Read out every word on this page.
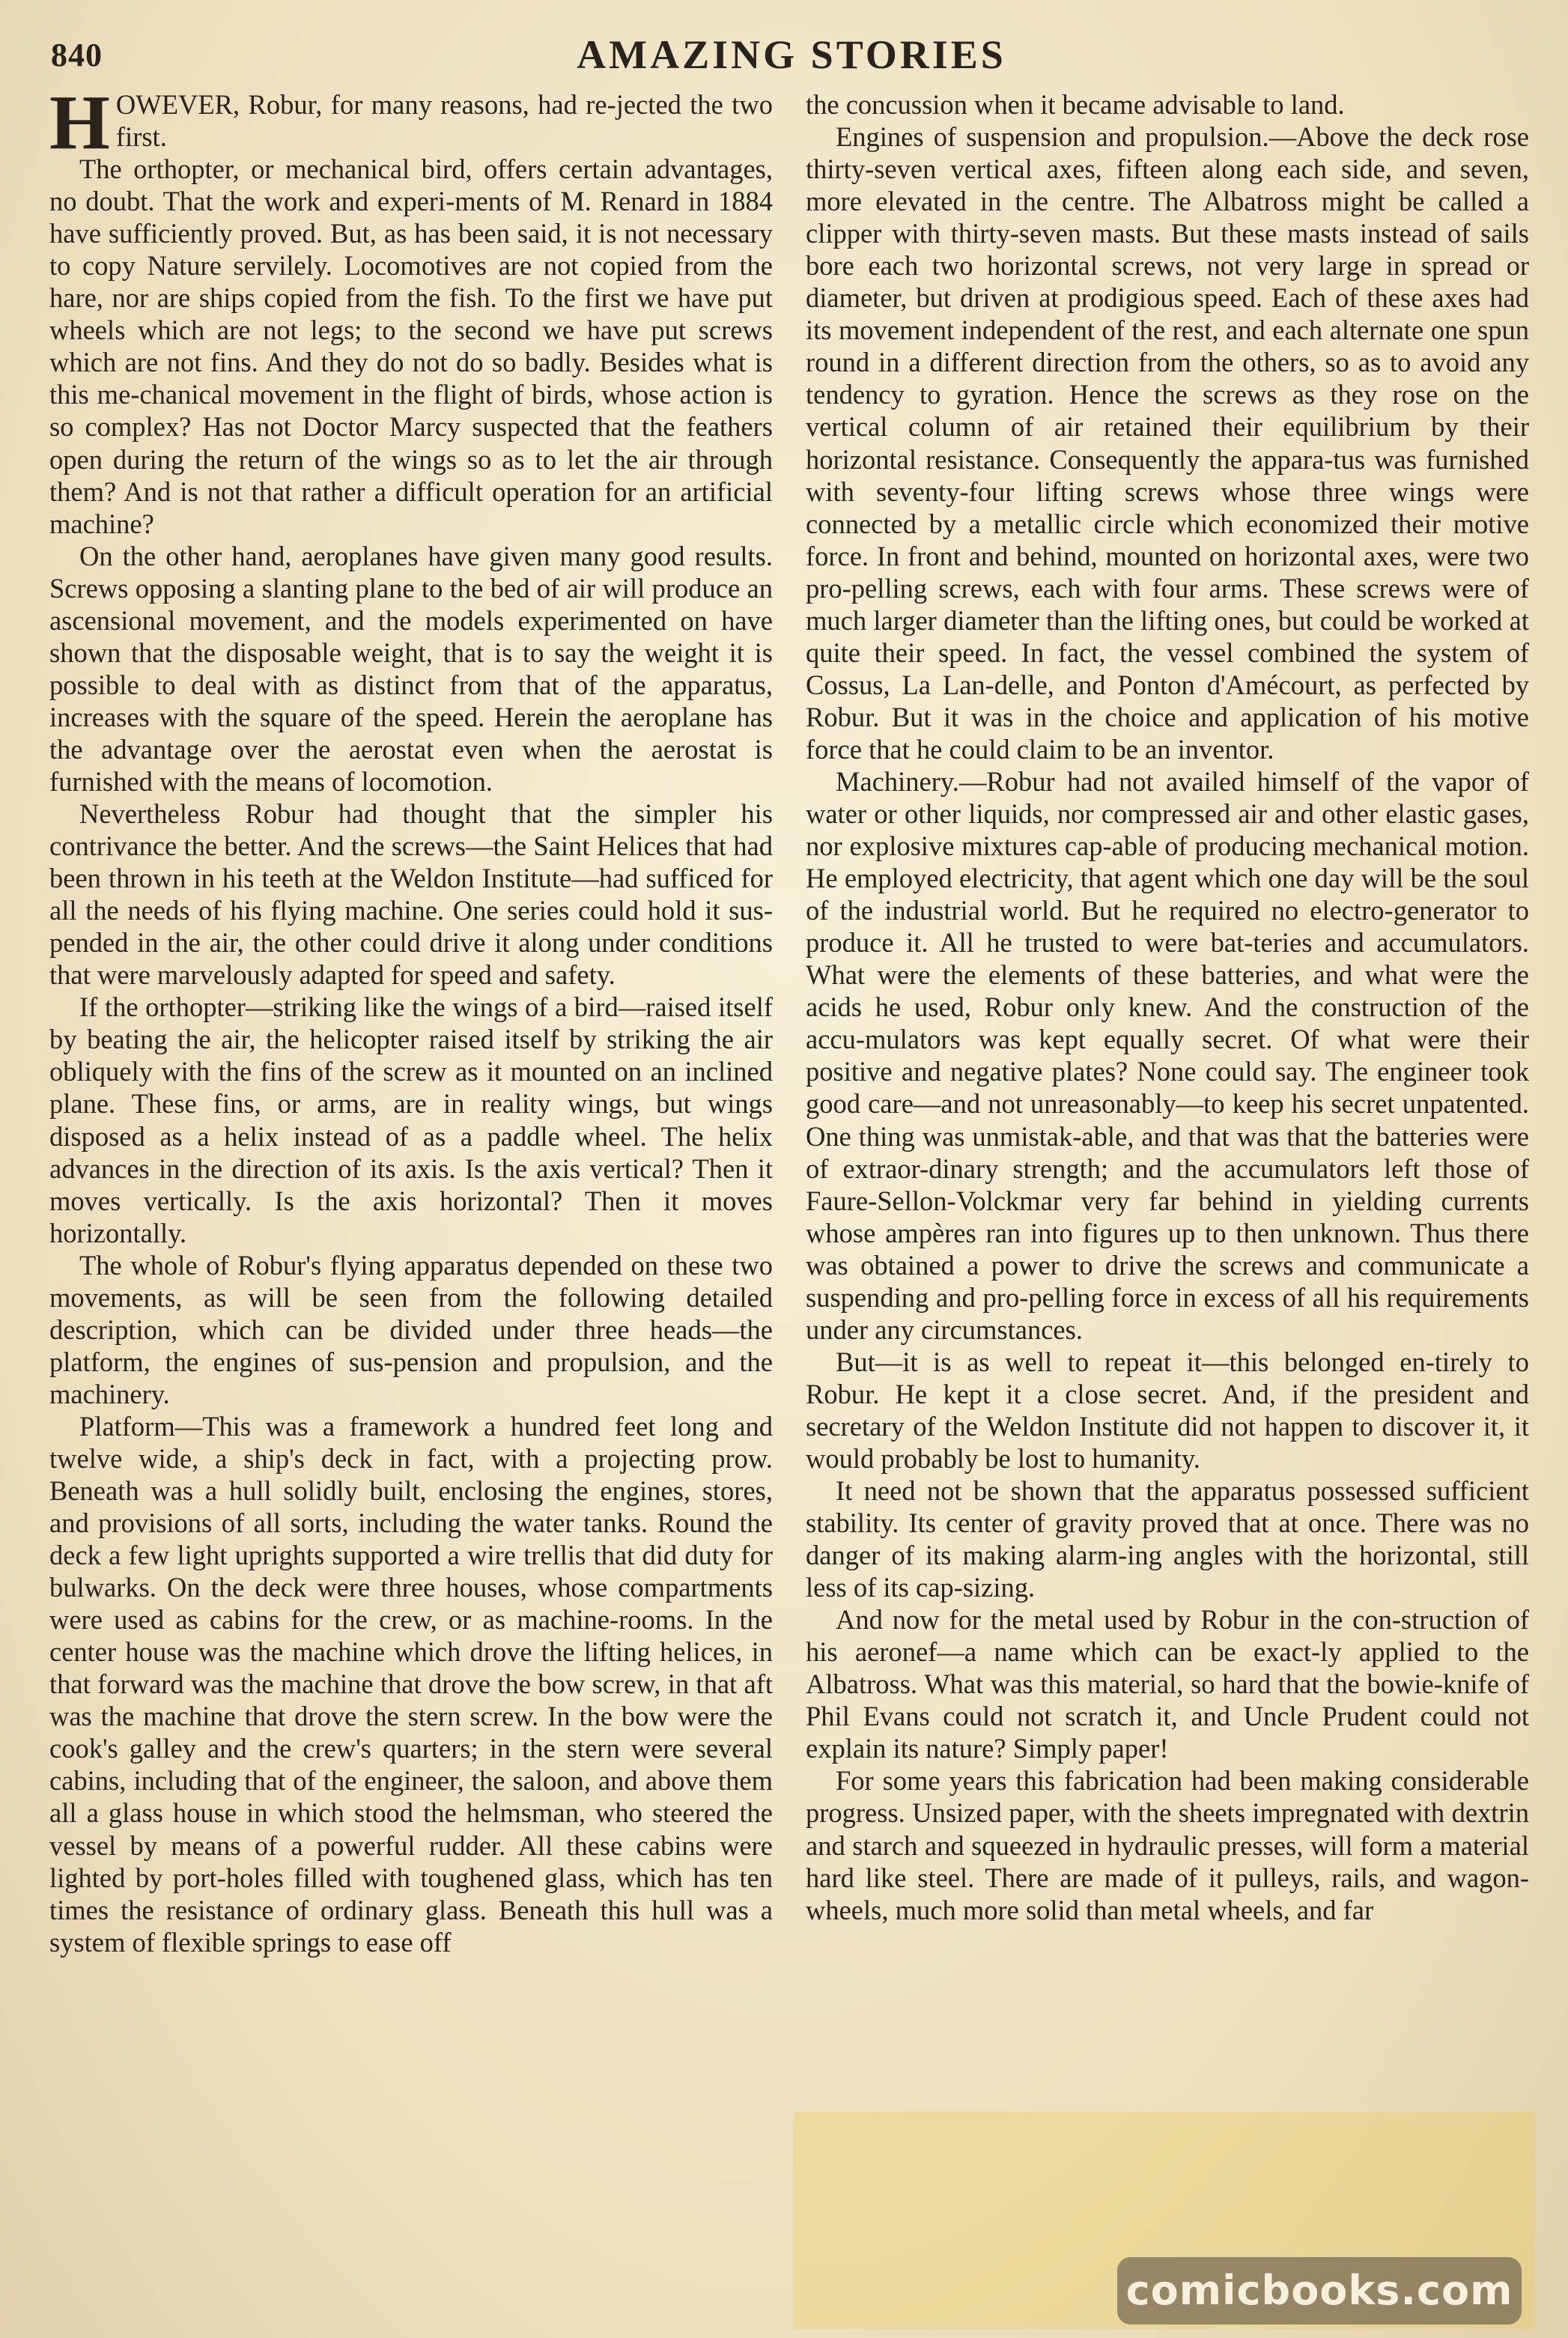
840	AMAZING STORIES

HOWEVER, Robur, for many reasons, had re-jected the two first.

The orthopter, or mechanical bird, offers certain advantages, no doubt. That the work and experi-ments of M. Renard in 1884 have sufficiently proved. But, as has been said, it is not necessary to copy Nature servilely. Locomotives are not copied from the hare, nor are ships copied from the fish. To the first we have put wheels which are not legs; to the second we have put screws which are not fins. And they do not do so badly. Besides what is this me-chanical movement in the flight of birds, whose action is so complex? Has not Doctor Marcy suspected that the feathers open during the return of the wings so as to let the air through them? And is not that rather a difficult operation for an artificial machine?

On the other hand, aeroplanes have given many good results. Screws opposing a slanting plane to the bed of air will produce an ascensional movement, and the models experimented on have shown that the disposable weight, that is to say the weight it is possible to deal with as distinct from that of the apparatus, increases with the square of the speed. Herein the aeroplane has the advantage over the aerostat even when the aerostat is furnished with the means of locomotion.

Nevertheless Robur had thought that the simpler his contrivance the better. And the screws—the Saint Helices that had been thrown in his teeth at the Weldon Institute—had sufficed for all the needs of his flying machine. One series could hold it sus-pended in the air, the other could drive it along under conditions that were marvelously adapted for speed and safety.

If the orthopter—striking like the wings of a bird—raised itself by beating the air, the helicopter raised itself by striking the air obliquely with the fins of the screw as it mounted on an inclined plane. These fins, or arms, are in reality wings, but wings disposed as a helix instead of as a paddle wheel. The helix advances in the direction of its axis. Is the axis vertical? Then it moves vertically. Is the axis horizontal? Then it moves horizontally.

The whole of Robur's flying apparatus depended on these two movements, as will be seen from the following detailed description, which can be divided under three heads—the platform, the engines of sus-pension and propulsion, and the machinery.

Platform—This was a framework a hundred feet long and twelve wide, a ship's deck in fact, with a projecting prow. Beneath was a hull solidly built, enclosing the engines, stores, and provisions of all sorts, including the water tanks. Round the deck a few light uprights supported a wire trellis that did duty for bulwarks. On the deck were three houses, whose compartments were used as cabins for the crew, or as machine-rooms. In the center house was the machine which drove the lifting helices, in that forward was the machine that drove the bow screw, in that aft was the machine that drove the stern screw. In the bow were the cook's galley and the crew's quarters; in the stern were several cabins, including that of the engineer, the saloon, and above them all a glass house in which stood the helmsman, who steered the vessel by means of a powerful rudder. All these cabins were lighted by port-holes filled with toughened glass, which has ten times the resistance of ordinary glass. Beneath this hull was a system of flexible springs to ease off

the concussion when it became advisable to land.

Engines of suspension and propulsion.—Above the deck rose thirty-seven vertical axes, fifteen along each side, and seven, more elevated in the centre. The Albatross might be called a clipper with thirty-seven masts. But these masts instead of sails bore each two horizontal screws, not very large in spread or diameter, but driven at prodigious speed. Each of these axes had its movement independent of the rest, and each alternate one spun round in a different direction from the others, so as to avoid any tendency to gyration. Hence the screws as they rose on the vertical column of air retained their equilibrium by their horizontal resistance. Consequently the appara-tus was furnished with seventy-four lifting screws whose three wings were connected by a metallic circle which economized their motive force. In front and behind, mounted on horizontal axes, were two pro-pelling screws, each with four arms. These screws were of much larger diameter than the lifting ones, but could be worked at quite their speed. In fact, the vessel combined the system of Cossus, La Lan-delle, and Ponton d'Amécourt, as perfected by Robur. But it was in the choice and application of his motive force that he could claim to be an inventor.

Machinery.—Robur had not availed himself of the vapor of water or other liquids, nor compressed air and other elastic gases, nor explosive mixtures cap-able of producing mechanical motion. He employed electricity, that agent which one day will be the soul of the industrial world. But he required no electro-generator to produce it. All he trusted to were bat-teries and accumulators. What were the elements of these batteries, and what were the acids he used, Robur only knew. And the construction of the accu-mulators was kept equally secret. Of what were their positive and negative plates? None could say. The engineer took good care—and not unreasonably—to keep his secret unpatented. One thing was unmistak-able, and that was that the batteries were of extraor-dinary strength; and the accumulators left those of Faure-Sellon-Volckmar very far behind in yielding currents whose ampères ran into figures up to then unknown. Thus there was obtained a power to drive the screws and communicate a suspending and pro-pelling force in excess of all his requirements under any circumstances.

But—it is as well to repeat it—this belonged en-tirely to Robur. He kept it a close secret. And, if the president and secretary of the Weldon Institute did not happen to discover it, it would probably be lost to humanity.

It need not be shown that the apparatus possessed sufficient stability. Its center of gravity proved that at once. There was no danger of its making alarm-ing angles with the horizontal, still less of its cap-sizing.

And now for the metal used by Robur in the con-struction of his aeronef—a name which can be exact-ly applied to the Albatross. What was this material, so hard that the bowie-knife of Phil Evans could not scratch it, and Uncle Prudent could not explain its nature? Simply paper!

For some years this fabrication had been making considerable progress. Unsized paper, with the sheets impregnated with dextrin and starch and squeezed in hydraulic presses, will form a material hard like steel. There are made of it pulleys, rails, and wagon-wheels, much more solid than metal wheels, and far

comicbooks.com
